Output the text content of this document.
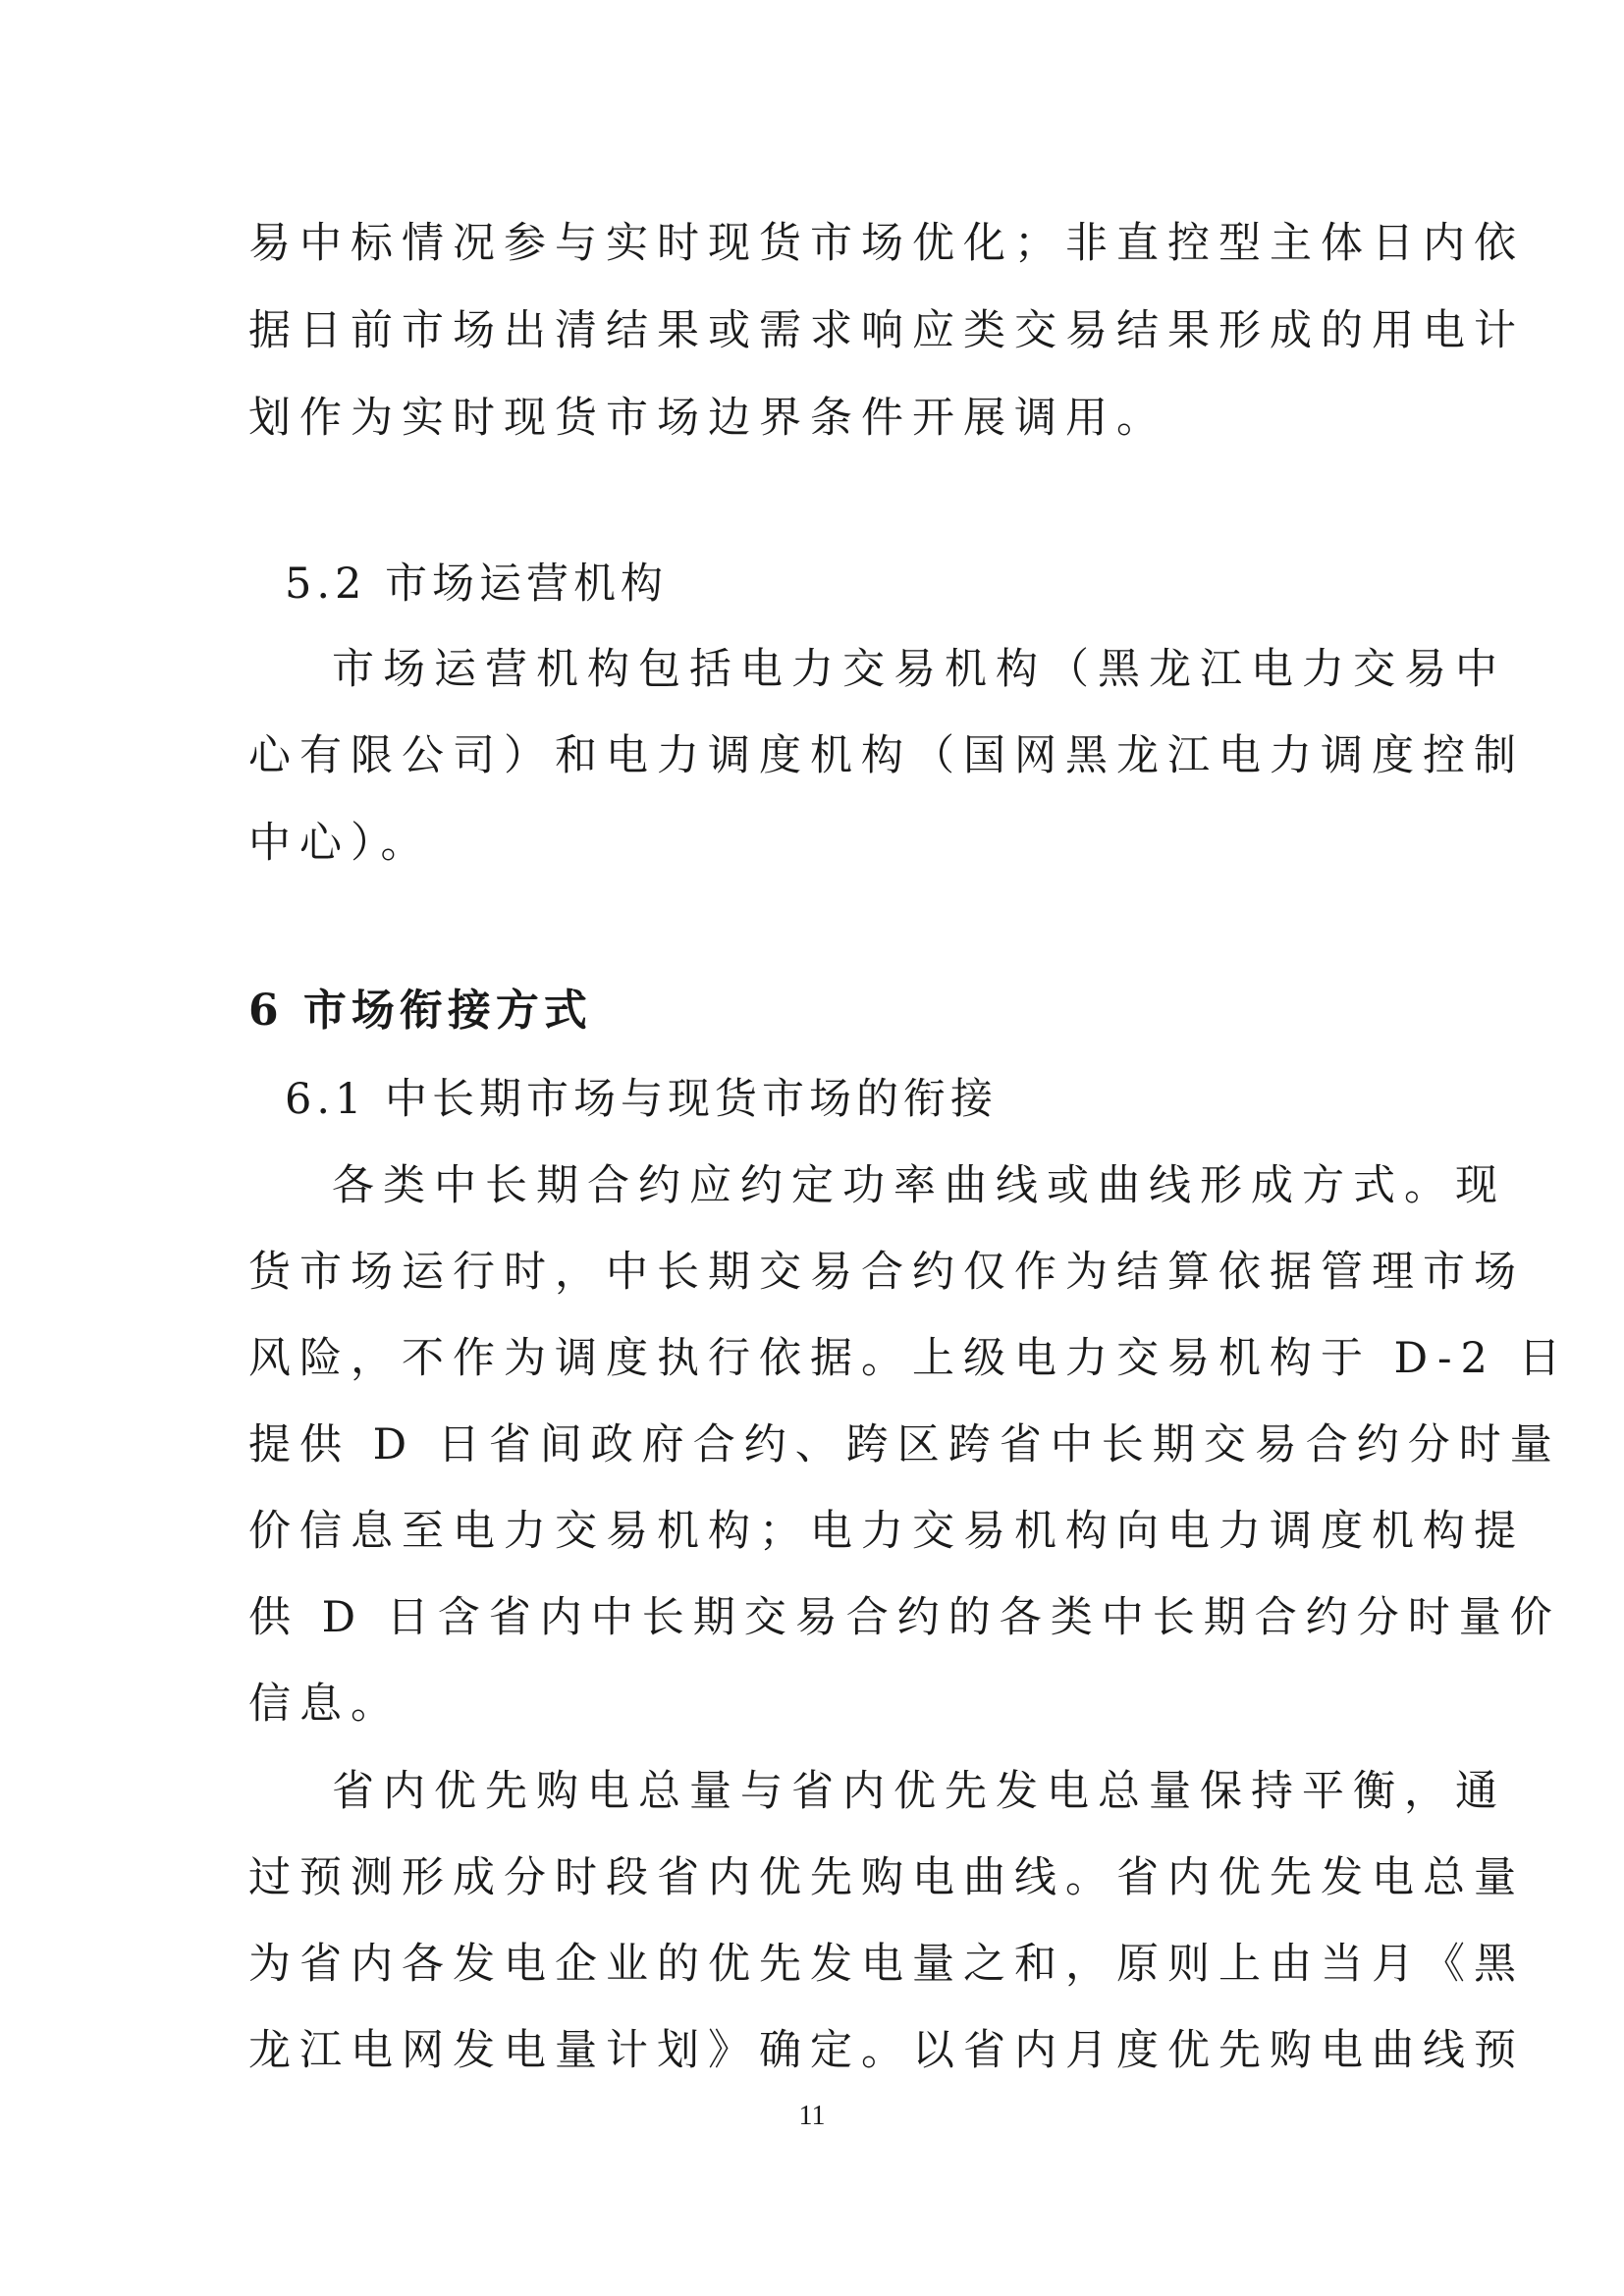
易中标情况参与实时现货市场优化；非直控型主体日内依

据日前市场出清结果或需求响应类交易结果形成的用电计

划作为实时现货市场边界条件开展调用。

5.2 市场运营机构

市场运营机构包括电力交易机构（黑龙江电力交易中

心有限公司）和电力调度机构（国网黑龙江电力调度控制

中心）。

6 市场衔接方式

6.1 中长期市场与现货市场的衔接

各类中长期合约应约定功率曲线或曲线形成方式。现

货市场运行时，中长期交易合约仅作为结算依据管理市场

风险，不作为调度执行依据。上级电力交易机构于 D-2 日

提供 D 日省间政府合约、跨区跨省中长期交易合约分时量

价信息至电力交易机构；电力交易机构向电力调度机构提

供 D 日含省内中长期交易合约的各类中长期合约分时量价

信息。

省内优先购电总量与省内优先发电总量保持平衡，通

过预测形成分时段省内优先购电曲线。省内优先发电总量

为省内各发电企业的优先发电量之和，原则上由当月《黑

龙江电网发电量计划》确定。以省内月度优先购电曲线预

11
